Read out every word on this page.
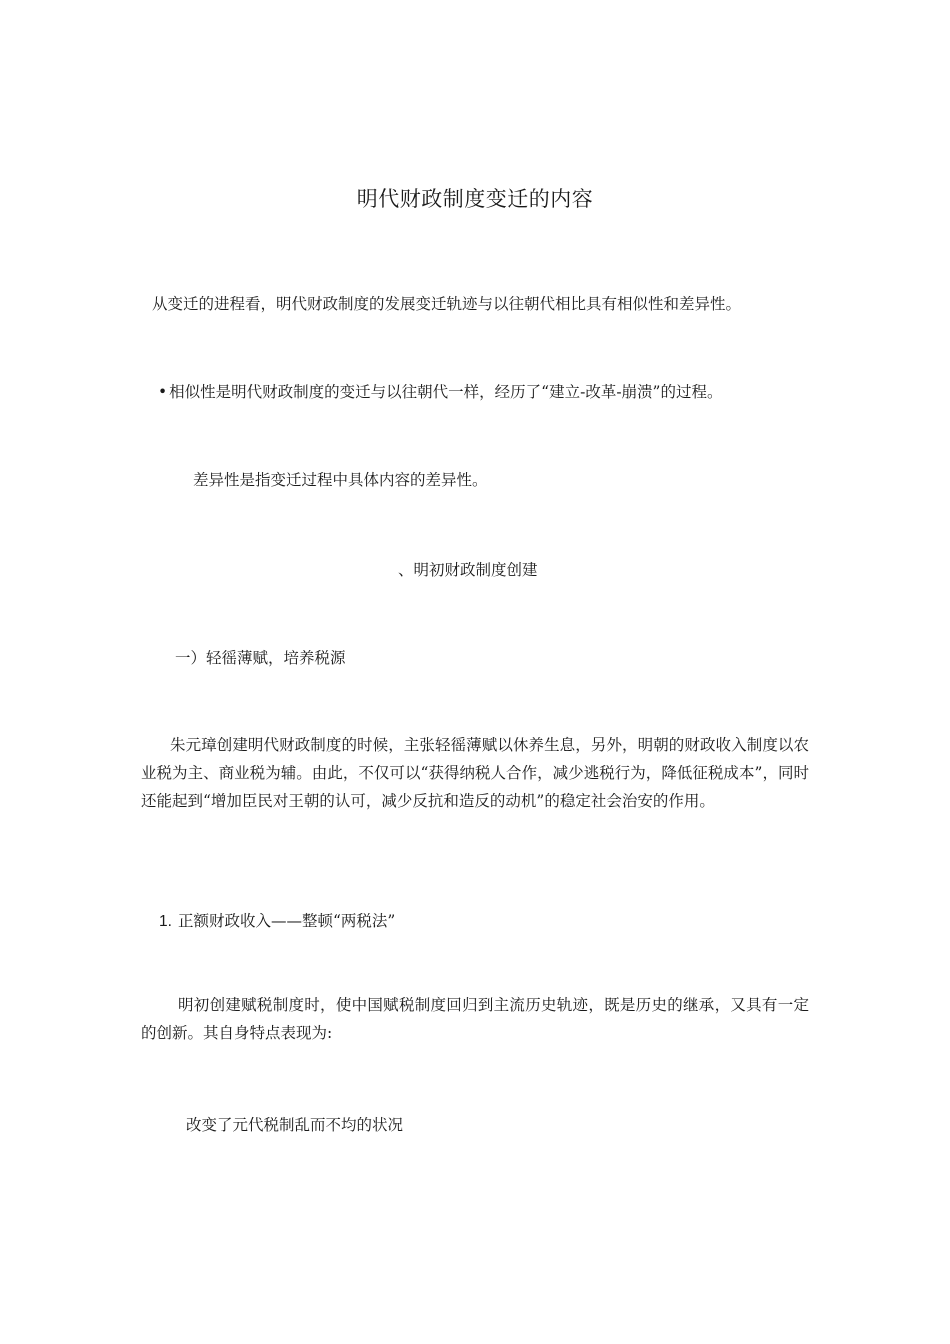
明代财政制度变迁的内容
从变迁的进程看，明代财政制度的发展变迁轨迹与以往朝代相比具有相似性和差异性。
• 相似性是明代财政制度的变迁与以往朝代一样，经历了“建立-改革-崩溃”的过程。
差异性是指变迁过程中具体内容的差异性。
、明初财政制度创建
一）轻徭薄赋，培养税源
朱元璋创建明代财政制度的时候，主张轻徭薄赋以休养生息，另外，明朝的财政收入制度以农业税为主、商业税为辅。由此，不仅可以“获得纳税人合作，减少逃税行为，降低征税成本”，同时还能起到“增加臣民对王朝的认可，减少反抗和造反的动机”的稳定社会治安的作用。
1. 正额财政收入——整顿“两税法”
明初创建赋税制度时，使中国赋税制度回归到主流历史轨迹，既是历史的继承，又具有一定的创新。其自身特点表现为:
改变了元代税制乱而不均的状况
